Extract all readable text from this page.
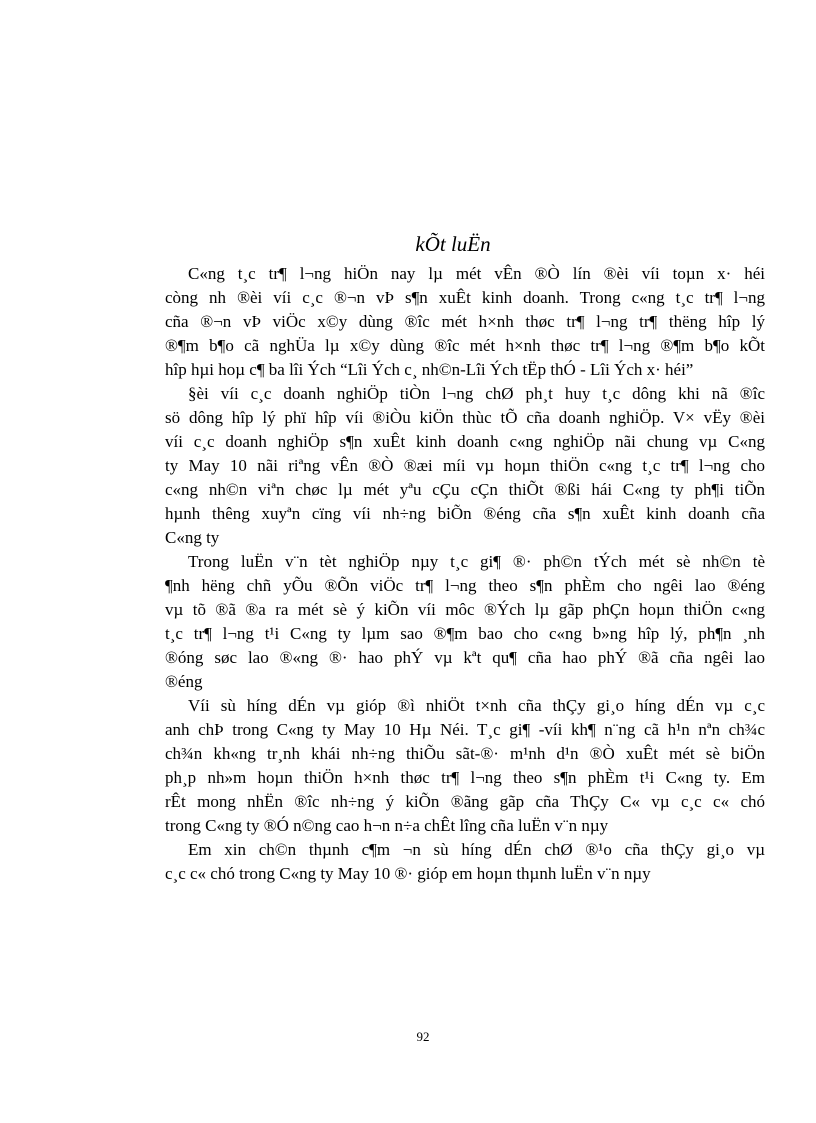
kÕt luËn
C«ng t¸c tr¶ l¬ng hiÖn nay lµ mét vÊn ®Ò lín ®èi víi toµn x· héi
còng nh ®èi víi c¸c ®¬n vÞ s¶n xuÊt kinh doanh. Trong c«ng t¸c tr¶ l¬ng
cña ®¬n vÞ viÖc x©y dùng ®îc mét h×nh thøc tr¶ l¬ng tr¶ thëng hîp lý
®¶m b¶o cã nghÜa lµ x©y dùng ®îc mét h×nh thøc tr¶ l¬ng ®¶m b¶o kÕt
hîp hµi hoµ c¶ ba lîi Ých “Lîi Ých c¸ nh©n-Lîi Ých tËp thÓ - Lîi Ých x· héi”
§èi víi c¸c doanh nghiÖp tiÒn l¬ng chØ ph¸t huy t¸c dông khi nã ®îc
sö dông hîp lý phï hîp víi ®iÒu kiÖn thùc tÕ cña doanh nghiÖp. V× vËy ®èi
víi c¸c doanh nghiÖp s¶n xuÊt kinh doanh c«ng nghiÖp nãi chung vµ C«ng
ty May 10 nãi riªng vÊn ®Ò ®æi míi vµ hoµn thiÖn c«ng t¸c tr¶ l¬ng cho
c«ng nh©n viªn chøc lµ mét yªu cÇu cÇn thiÕt ®ßi hái C«ng ty ph¶i tiÕn
hµnh thêng xuyªn cïng víi nh÷ng biÕn ®éng cña s¶n xuÊt kinh doanh cña
C«ng ty
Trong luËn v¨n tèt nghiÖp nµy t¸c gi¶ ®· ph©n tÝch mét sè nh©n tè
¶nh hëng chñ yÕu ®Õn viÖc tr¶ l¬ng theo s¶n phÈm cho ngêi lao ®éng
vµ tõ ®ã ®a ra mét sè ý kiÕn víi môc ®Ých lµ gãp phÇn hoµn thiÖn c«ng
t¸c tr¶ l¬ng t¹i C«ng ty lµm sao ®¶m bao cho c«ng b»ng hîp lý, ph¶n ¸nh
®óng søc lao ®«ng ®· hao phÝ vµ kªt qu¶ cña hao phÝ ®ã cña ngêi lao
®éng
Víi sù híng dÉn vµ gióp ®ì nhiÖt t×nh cña thÇy gi¸o híng dÉn vµ c¸c
anh chÞ trong C«ng ty May 10 Hµ Néi. T¸c gi¶ -víi kh¶ n¨ng cã h¹n nªn ch¾c
ch¾n kh«ng tr¸nh khái nh÷ng thiÕu sãt-®· m¹nh d¹n ®Ò xuÊt mét sè biÖn
ph¸p nh»m hoµn thiÖn h×nh thøc tr¶ l¬ng theo s¶n phÈm t¹i C«ng ty. Em
rÊt mong nhËn ®îc nh÷ng ý kiÕn ®ãng gãp cña ThÇy C« vµ c¸c c« chó
trong C«ng ty ®Ó n©ng cao h¬n n÷a chÊt lîng cña luËn v¨n nµy
Em xin ch©n thµnh c¶m ¬n sù híng dÉn chØ ®¹o cña thÇy gi¸o vµ
c¸c c« chó trong C«ng ty May 10 ®· gióp em hoµn thµnh luËn v¨n nµy
92
